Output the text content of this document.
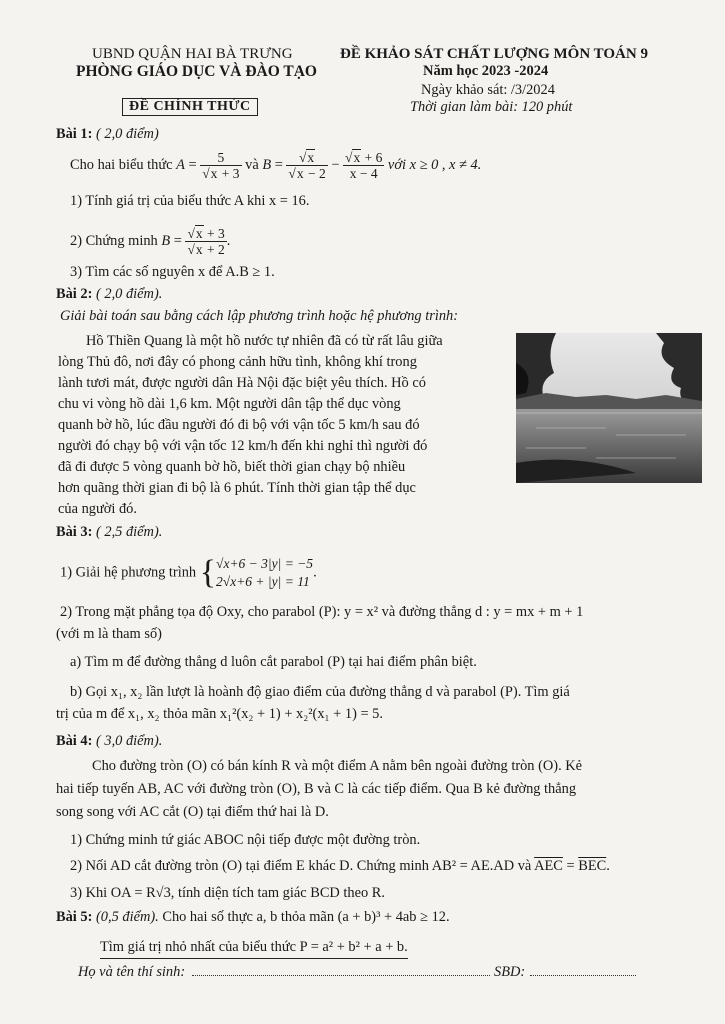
UBND QUẬN HAI BÀ TRƯNG
PHÒNG GIÁO DỤC VÀ ĐÀO TẠO
ĐỀ CHÍNH THỨC
ĐỀ KHẢO SÁT CHẤT LƯỢNG MÔN TOÁN 9
Năm học 2023 -2024
Ngày khảo sát: /3/2024
Thời gian làm bài: 120 phút
Bài 1: ( 2,0 điểm)
Cho hai biểu thức $A = \frac{5}{√x + 3}$ và $B = \frac{√x}{√x - 2} - \frac{√x + 6}{x - 4}$ với x ≥ 0 , x ≠ 4.
1) Tính giá trị của biểu thức A khi x = 16.
2) Chứng minh $B = \frac{√x + 3}{√x + 2}$ .
3) Tìm các số nguyên x để A.B ≥ 1.
Bài 2: ( 2,0 điểm).
Giải bài toán sau bằng cách lập phương trình hoặc hệ phương trình:
Hồ Thiền Quang là một hồ nước tự nhiên đã có từ rất lâu giữa
lòng Thủ đô, nơi đây có phong cảnh hữu tình, không khí trong
lành tươi mát, được người dân Hà Nội đặc biệt yêu thích. Hồ có
chu vi vòng hồ dài 1,6 km. Một người dân tập thể dục vòng
quanh bờ hồ, lúc đầu người đó đi bộ với vận tốc 5 km/h sau đó
người đó chạy bộ với vận tốc 12 km/h đến khi nghỉ thì người đó
đã đi được 5 vòng quanh bờ hồ, biết thời gian chạy bộ nhiều
hơn quãng thời gian đi bộ là 6 phút. Tính thời gian tập thể dục
của người đó.
Bài 3: ( 2,5 điểm).
1) Giải hệ phương trình { √x+6 − 3|y| = −5
2√x+6 + |y| = 11
.
2) Trong mặt phẳng tọa độ Oxy, cho parabol (P): y = x² và đường thẳng d : y = mx + m + 1
(với m là tham số)
a) Tìm m để đường thẳng d luôn cắt parabol (P) tại hai điểm phân biệt.
b) Gọi x₁, x₂ lần lượt là hoành độ giao điểm của đường thẳng d và parabol (P). Tìm giá
trị của m để x₁, x₂ thỏa mãn x₁²(x₂ + 1) + x₂²(x₁ + 1) = 5.
Bài 4: ( 3,0 điểm).
Cho đường tròn (O) có bán kính R và một điểm A nằm bên ngoài đường tròn (O). Kẻ
hai tiếp tuyến AB, AC với đường tròn (O), B và C là các tiếp điểm. Qua B kẻ đường thẳng
song song với AC cắt (O) tại điểm thứ hai là D.
1) Chứng minh tứ giác ABOC nội tiếp được một đường tròn.
2) Nối AD cắt đường tròn (O) tại điểm E khác D. Chứng minh AB² = AE.AD và $\overline{AEC} = \overline{BEC}$.
3) Khi OA = R√3, tính diện tích tam giác BCD theo R.
Bài 5: (0,5 điểm). Cho hai số thực a, b thỏa mãn (a + b)³ + 4ab ≥ 12.
Tìm giá trị nhỏ nhất của biểu thức P = a² + b² + a + b.
Họ và tên thí sinh:	SBD:
